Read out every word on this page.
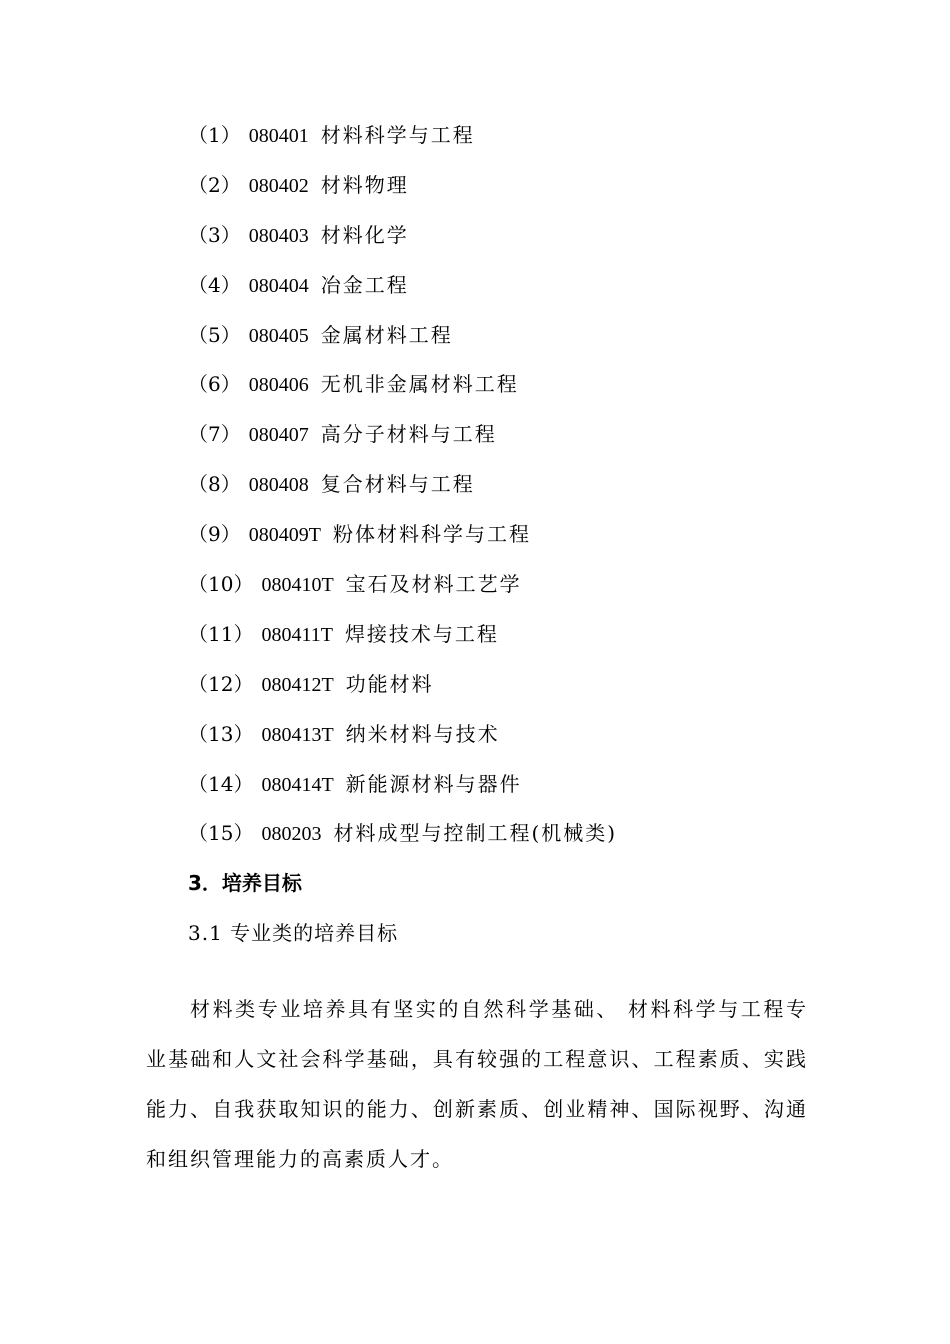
（1） 080401 材料科学与工程
（2） 080402 材料物理
（3） 080403 材料化学
（4） 080404 冶金工程
（5） 080405 金属材料工程
（6） 080406 无机非金属材料工程
（7） 080407 高分子材料与工程
（8） 080408 复合材料与工程
（9） 080409T 粉体材料科学与工程
（10） 080410T 宝石及材料工艺学
（11） 080411T 焊接技术与工程
（12） 080412T 功能材料
（13） 080413T 纳米材料与技术
（14） 080414T 新能源材料与器件
（15） 080203 材料成型与控制工程(机械类)
3．培养目标
3.1 专业类的培养目标

材料类专业培养具有坚实的自然科学基础、 材料科学与工程专业基础和人文社会科学基础，具有较强的工程意识、工程素质、实践能力、自我获取知识的能力、创新素质、创业精神、国际视野、沟通和组织管理能力的高素质人才。
